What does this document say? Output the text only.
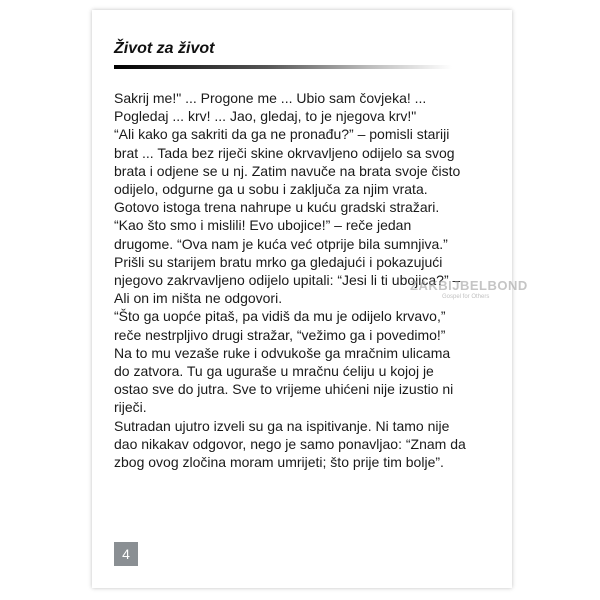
Život za život

Sakrij me!" ... Progone me ... Ubio sam čovjeka! ... Pogledaj ... krv! ... Jao, gledaj, to je njegova krv!"

“Ali kako ga sakriti da ga ne pronađu?” – pomisli stariji brat ... Tada bez riječi skine okrvavljeno odijelo sa svog brata i odjene se u nj. Zatim navuče na brata svoje čisto odijelo, odgurne ga u sobu i zaključa za njim vrata.

Gotovo istoga trena nahrupe u kuću gradski stražari. “Kao što smo i mislili! Evo ubojice!” – reče jedan drugome. “Ova nam je kuća već otprije bila sumnjiva.”

Prišli su starijem bratu mrko ga gledajući i pokazujući njegovo zakrvavljeno odijelo upitali: “Jesi li ti ubojica?” – Ali on im ništa ne odgovori.

“Što ga uopće pitaš, pa vidiš da mu je odijelo krvavo,” reče nestrpljivo drugi stražar, “vežimo ga i povedimo!” Na to mu vezaše ruke i odvukoše ga mračnim ulicama do zatvora. Tu ga uguraše u mračnu ćeliju u kojoj je ostao sve do jutra. Sve to vrijeme uhićeni nije izustio ni riječi.

Sutradan ujutro izveli su ga na ispitivanje. Ni tamo nije dao nikakav odgovor, nego je samo ponavljao: “Znam da zbog ovog zločina moram umrijeti; što prije tim bolje”.

ZAKBIJBELBOND
Gospel for Others
4
